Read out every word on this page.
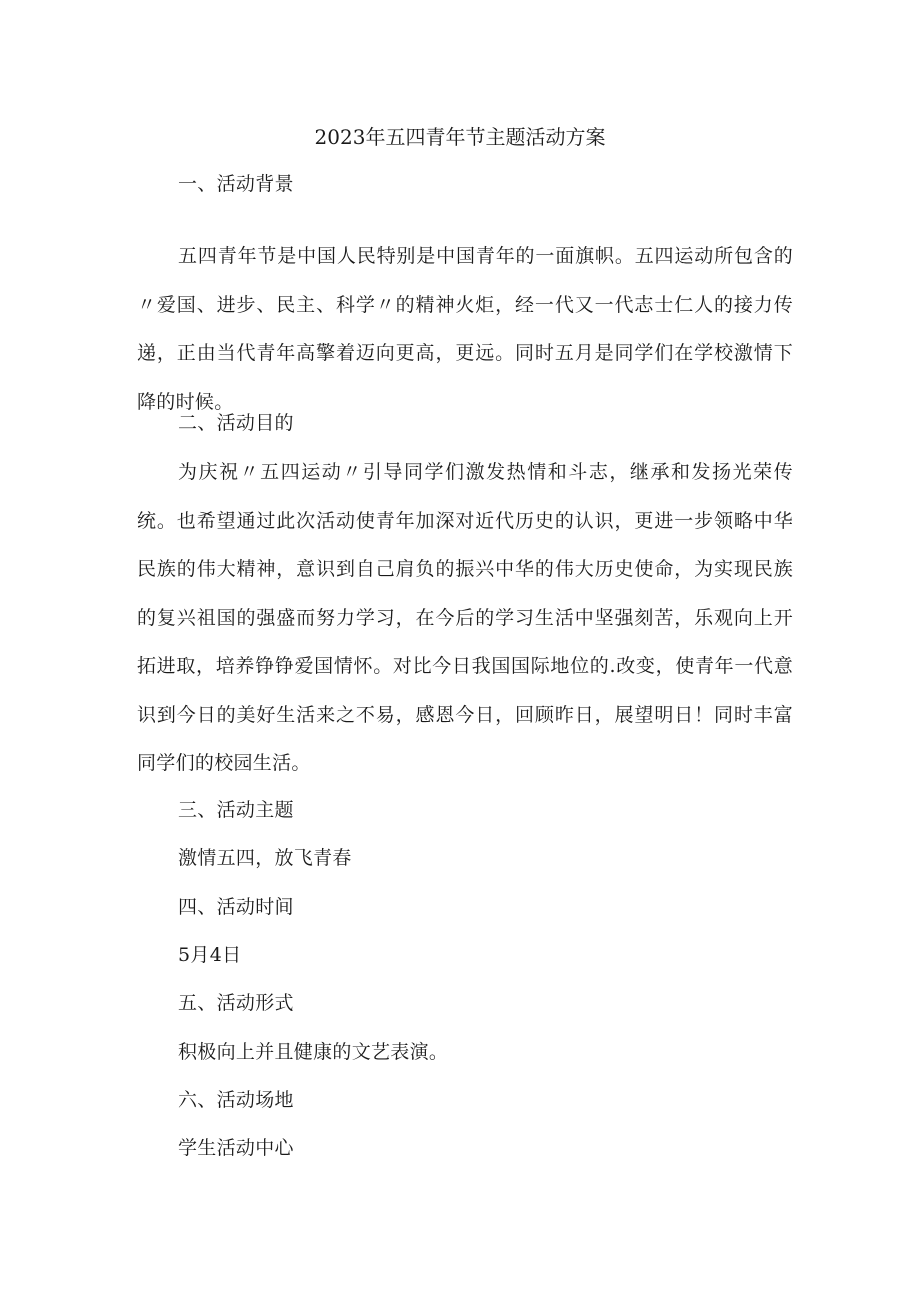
2023年五四青年节主题活动方案
一、活动背景
五四青年节是中国人民特别是中国青年的一面旗帜。五四运动所包含的〃爱国、进步、民主、科学〃的精神火炬，经一代又一代志士仁人的接力传递，正由当代青年高擎着迈向更高，更远。同时五月是同学们在学校激情下降的时候。
二、活动目的
为庆祝〃五四运动〃引导同学们激发热情和斗志，继承和发扬光荣传统。也希望通过此次活动使青年加深对近代历史的认识，更进一步领略中华民族的伟大精神，意识到自己肩负的振兴中华的伟大历史使命，为实现民族的复兴祖国的强盛而努力学习，在今后的学习生活中坚强刻苦，乐观向上开拓进取，培养铮铮爱国情怀。对比今日我国国际地位的.改变，使青年一代意识到今日的美好生活来之不易，感恩今日，回顾昨日，展望明日！同时丰富同学们的校园生活。
三、活动主题
激情五四，放飞青春
四、活动时间
5月4日
五、活动形式
积极向上并且健康的文艺表演。
六、活动场地
学生活动中心
